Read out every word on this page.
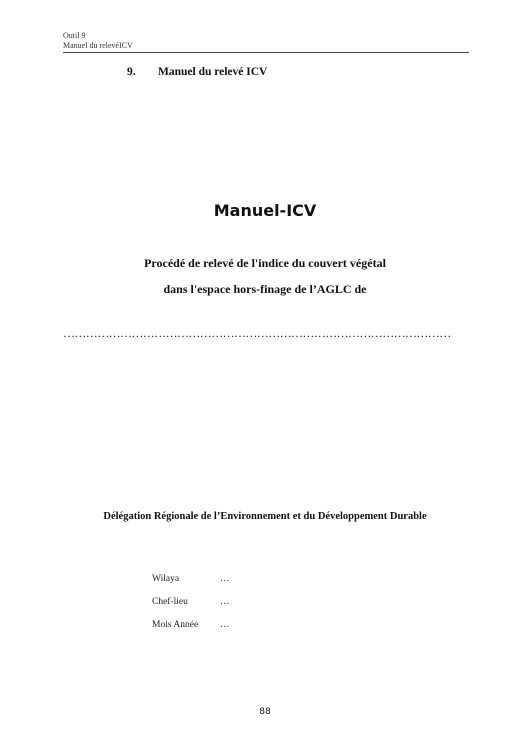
Outil 9
Manuel du relevéICV
9. Manuel du relevé ICV
Manuel-ICV
Procédé de relevé de l'indice du couvert végétal
dans l'espace hors-finage de l’AGLC de
…………………………………………………………………………………………
Délégation Régionale de l’Environnement et du Développement Durable
Wilaya	…
Chef-lieu	…
Mois Année …
88
